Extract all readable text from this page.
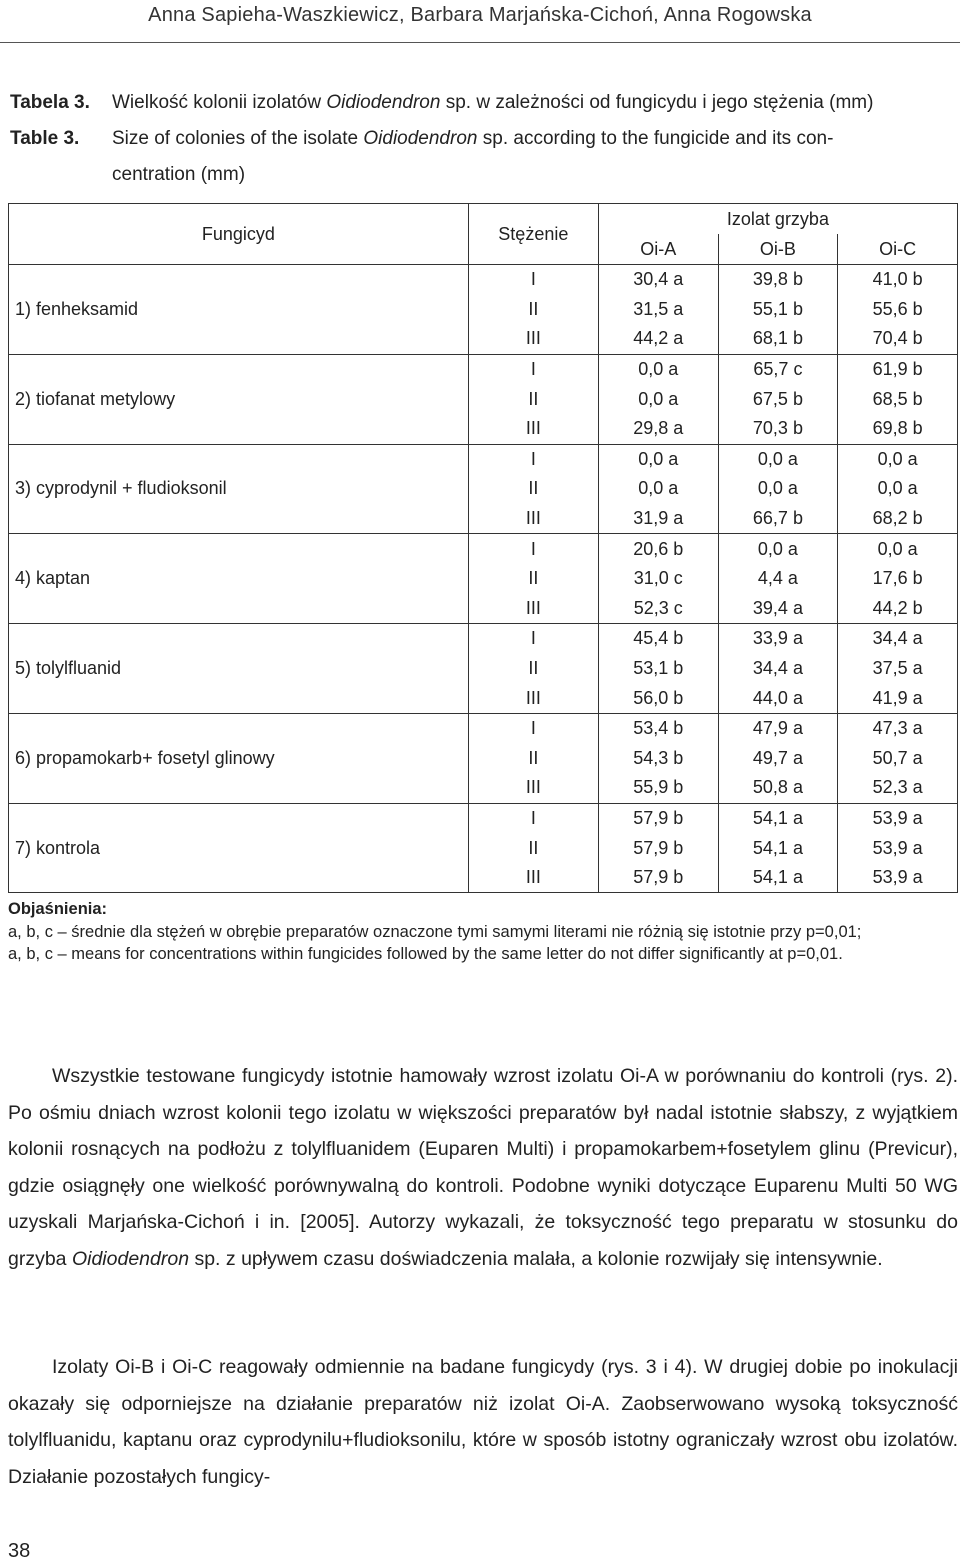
Anna Sapieha-Waszkiewicz, Barbara Marjańska-Cichoń, Anna Rogowska
Tabela 3. Wielkość kolonii izolatów Oidiodendron sp. w zależności od fungicydu i jego stężenia (mm)
Table 3. Size of colonies of the isolate Oidiodendron sp. according to the fungicide and its con-
centration (mm)
Fungicyd	Stężenie	Izolat grzyba		
		Oi-A	Oi-B	Oi-C
1) fenheksamid	I	30,4 a	39,8 b	41,0 b
	II	31,5 a	55,1 b	55,6 b
	III	44,2 a	68,1 b	70,4 b
2) tiofanat metylowy	I	0,0 a	65,7 c	61,9 b
	II	0,0 a	67,5 b	68,5 b
	III	29,8 a	70,3 b	69,8 b
3) cyprodynil + fludioksonil	I	0,0 a	0,0 a	0,0 a
	II	0,0 a	0,0 a	0,0 a
	III	31,9 a	66,7 b	68,2 b
4) kaptan	I	20,6 b	0,0 a	0,0 a
	II	31,0 c	4,4 a	17,6 b
	III	52,3 c	39,4 a	44,2 b
5) tolylfluanid	I	45,4 b	33,9 a	34,4 a
	II	53,1 b	34,4 a	37,5 a
	III	56,0 b	44,0 a	41,9 a
6) propamokarb+ fosetyl glinowy	I	53,4 b	47,9 a	47,3 a
	II	54,3 b	49,7 a	50,7 a
	III	55,9 b	50,8 a	52,3 a
7) kontrola	I	57,9 b	54,1 a	53,9 a
	II	57,9 b	54,1 a	53,9 a
	III	57,9 b	54,1 a	53,9 a
Objaśnienia:
a, b, c – średnie dla stężeń w obrębie preparatów oznaczone tymi samymi literami nie różnią się istotnie przy p=0,01;
a, b, c – means for concentrations within fungicides followed by the same letter do not differ significantly at p=0,01.
Wszystkie testowane fungicydy istotnie hamowały wzrost izolatu Oi-A w porównaniu do kontroli (rys. 2). Po ośmiu dniach wzrost kolonii tego izolatu w większości preparatów był nadal istotnie słabszy, z wyjątkiem kolonii rosnących na podłożu z tolylfluanidem (Euparen Multi) i propamokarbem+fosetylem glinu (Previcur), gdzie osiągnęły one wielkość porównywalną do kontroli. Podobne wyniki dotyczące Euparenu Multi 50 WG uzyskali Marjańska-Cichoń i in. [2005]. Autorzy wykazali, że toksyczność tego preparatu w stosunku do grzyba Oidiodendron sp. z upływem czasu doświadczenia malała, a kolonie rozwijały się intensywnie.
Izolaty Oi-B i Oi-C reagowały odmiennie na badane fungicydy (rys. 3 i 4). W drugiej dobie po inokulacji okazały się odporniejsze na działanie preparatów niż izolat Oi-A. Zaobserwowano wysoką toksyczność tolylfluanidu, kaptanu oraz cyprodynilu+fludioksonilu, które w sposób istotny ograniczały wzrost obu izolatów. Działanie pozostałych fungicy-
38
